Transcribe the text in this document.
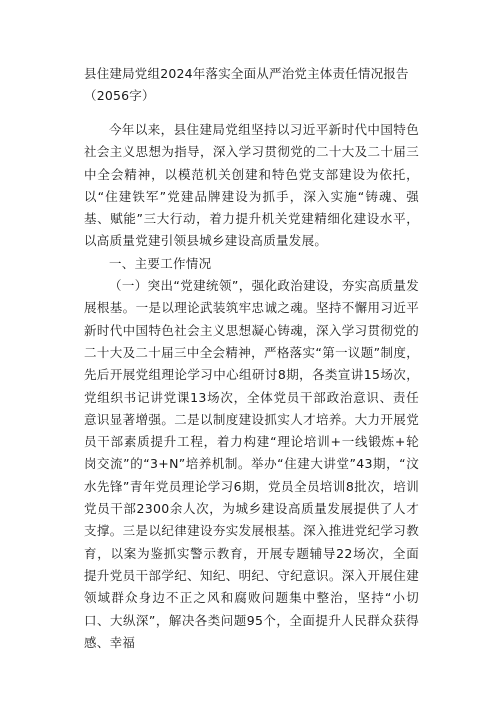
县住建局党组2024年落实全面从严治党主体责任情况报告（2056字）

今年以来，县住建局党组坚持以习近平新时代中国特色社会主义思想为指导，深入学习贯彻党的二十大及二十届三中全会精神，以模范机关创建和特色党支部建设为依托，以“住建铁军”党建品牌建设为抓手，深入实施“铸魂、强基、赋能”三大行动，着力提升机关党建精细化建设水平，以高质量党建引领县城乡建设高质量发展。

一、主要工作情况

（一）突出“党建统领”，强化政治建设，夯实高质量发展根基。一是以理论武装筑牢忠诚之魂。坚持不懈用习近平新时代中国特色社会主义思想凝心铸魂，深入学习贯彻党的二十大及二十届三中全会精神，严格落实“第一议题”制度，先后开展党组理论学习中心组研讨8期，各类宣讲15场次，党组织书记讲党课13场次，全体党员干部政治意识、责任意识显著增强。二是以制度建设抓实人才培养。大力开展党员干部素质提升工程，着力构建“理论培训+一线锻炼+轮岗交流”的“3+N”培养机制。举办“住建大讲堂”43期，“汶水先锋”青年党员理论学习6期，党员全员培训8批次，培训党员干部2300余人次，为城乡建设高质量发展提供了人才支撑。三是以纪律建设夯实发展根基。深入推进党纪学习教育，以案为鉴抓实警示教育，开展专题辅导22场次，全面提升党员干部学纪、知纪、明纪、守纪意识。深入开展住建领域群众身边不正之风和腐败问题集中整治，坚持“小切口、大纵深”，解决各类问题95个，全面提升人民群众获得感、幸福
